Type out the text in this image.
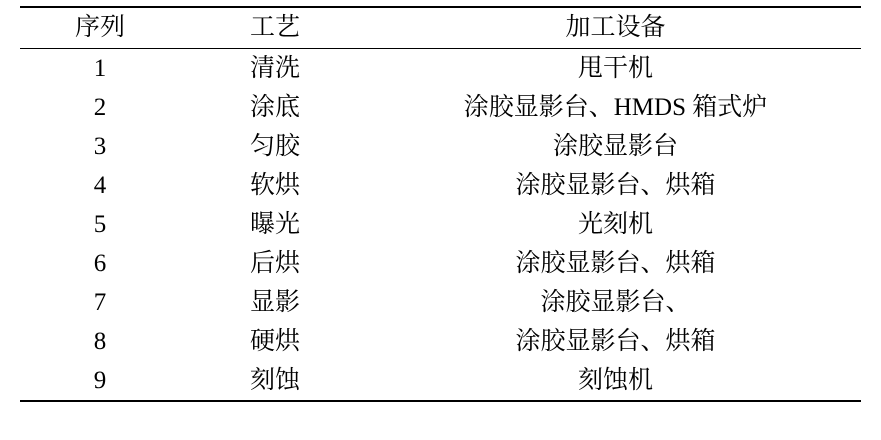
序列	工艺	加工设备
1	清洗	甩干机
2	涂底	涂胶显影台、HMDS 箱式炉
3	匀胶	涂胶显影台
4	软烘	涂胶显影台、烘箱
5	曝光	光刻机
6	后烘	涂胶显影台、烘箱
7	显影	涂胶显影台、
8	硬烘	涂胶显影台、烘箱
9	刻蚀	刻蚀机
